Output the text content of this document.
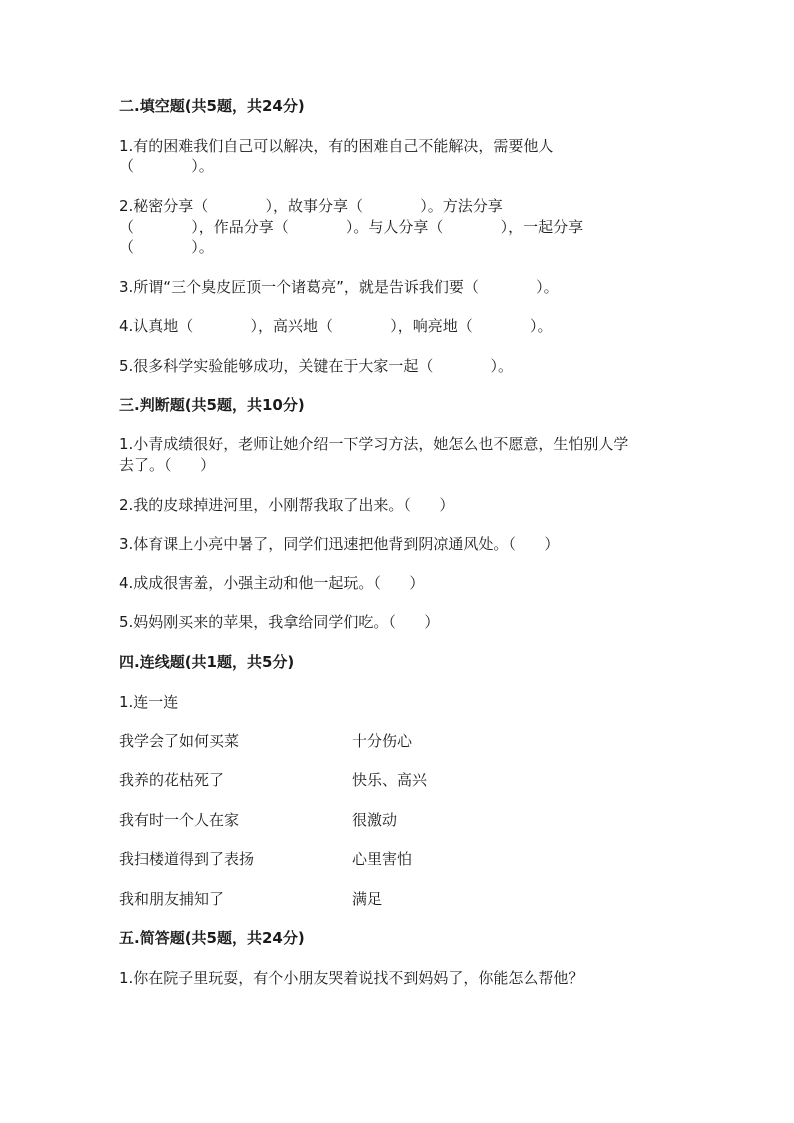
二.填空题(共5题，共24分)
1.有的困难我们自己可以解决，有的困难自己不能解决，需要他人
（            ）。
2.秘密分享（            ），故事分享（            ）。方法分享
（            ），作品分享（            ）。与人分享（            ），一起分享
（            ）。
3.所谓“三个臭皮匠顶一个诸葛亮”，就是告诉我们要（            ）。
4.认真地（            ），高兴地（            ），响亮地（            ）。
5.很多科学实验能够成功，关键在于大家一起（            ）。
三.判断题(共5题，共10分)
1.小青成绩很好，老师让她介绍一下学习方法，她怎么也不愿意，生怕别人学
去了。（      ）
2.我的皮球掉进河里，小刚帮我取了出来。（      ）
3.体育课上小亮中暑了，同学们迅速把他背到阴凉通风处。（      ）
4.成成很害羞，小强主动和他一起玩。（      ）
5.妈妈刚买来的苹果，我拿给同学们吃。（      ）
四.连线题(共1题，共5分)
1.连一连
我学会了如何买菜	十分伤心
我养的花枯死了	快乐、高兴
我有时一个人在家	很激动
我扫楼道得到了表扬	心里害怕
我和朋友捕知了	满足
五.简答题(共5题，共24分)
1.你在院子里玩耍，有个小朋友哭着说找不到妈妈了，你能怎么帮他？
